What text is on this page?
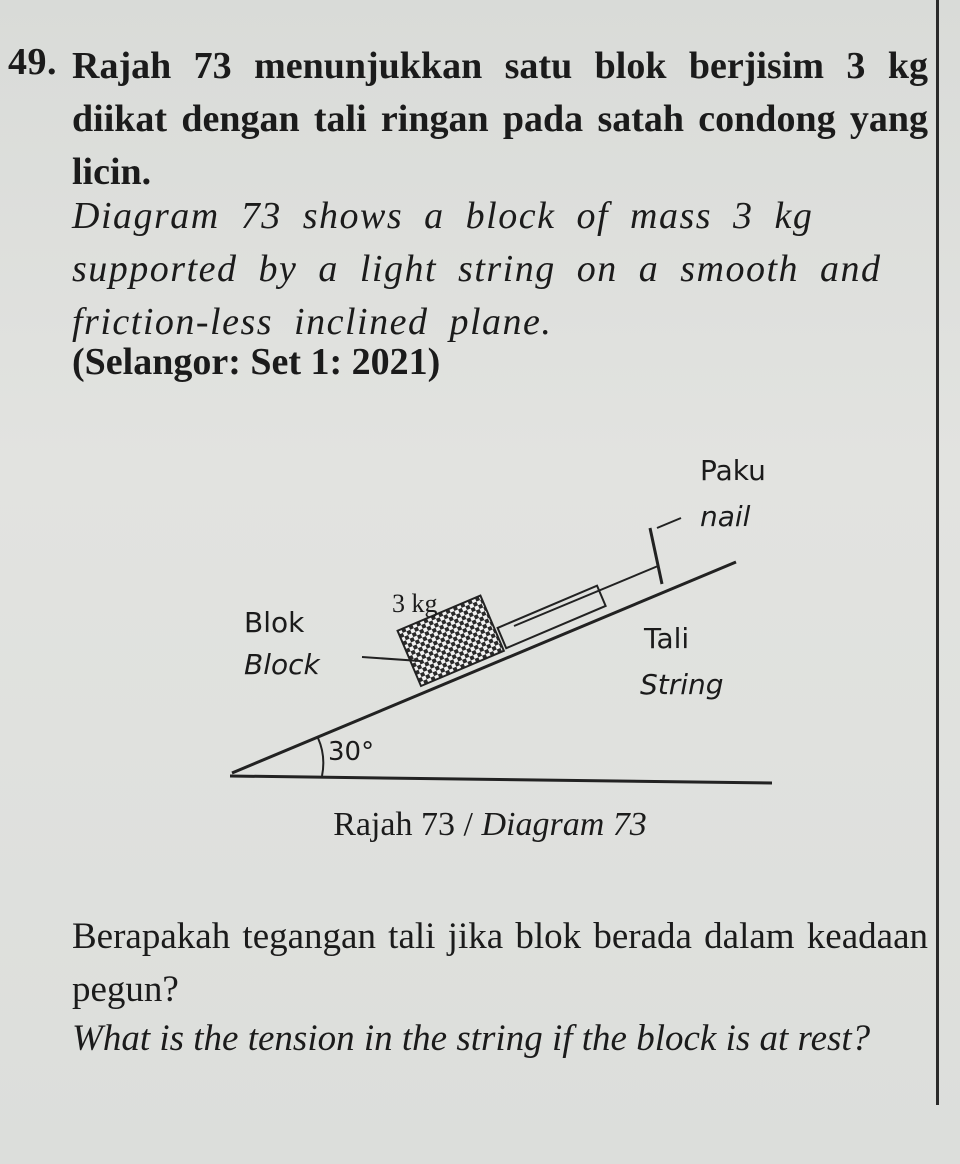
49. Rajah 73 menunjukkan satu blok berjisim 3 kg diikat dengan tali ringan pada satah condong yang licin.
Diagram 73 shows a block of mass 3 kg supported by a light string on a smooth and friction-less inclined plane.
(Selangor: Set 1: 2021)
30°
Paku
nail
3 kg
Blok
Block
Tali
String
Rajah 73 / Diagram 73
Berapakah tegangan tali jika blok berada dalam keadaan pegun?
What is the tension in the string if the block is at rest?
